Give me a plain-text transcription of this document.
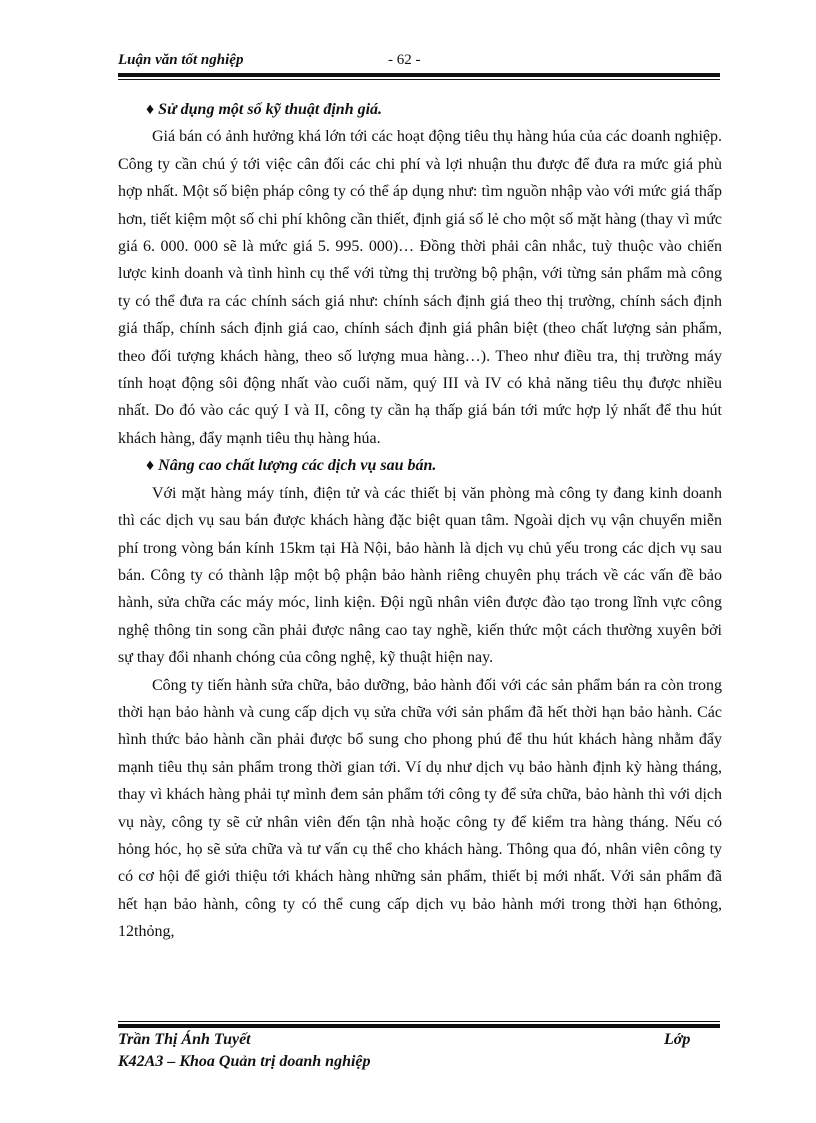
Luận văn tốt nghiệp	- 62 -

♦ Sử dụng một số kỹ thuật định giá.

Giá bán có ảnh hưởng khá lớn tới các hoạt động tiêu thụ hàng húa của các doanh nghiệp. Công ty cần chú ý tới việc cân đối các chi phí và lợi nhuận thu được để đưa ra mức giá phù hợp nhất. Một số biện pháp công ty có thể áp dụng như: tìm nguồn nhập vào với mức giá thấp hơn, tiết kiệm một số chi phí không cần thiết, định giá số lẻ cho một số mặt hàng (thay vì mức giá 6. 000. 000 sẽ là mức giá 5. 995. 000)… Đồng thời phải cân nhắc, tuỳ thuộc vào chiến lược kinh doanh và tình hình cụ thể với từng thị trường bộ phận, với từng sản phẩm mà công ty có thể đưa ra các chính sách giá như: chính sách định giá theo thị trường, chính sách định giá thấp, chính sách định giá cao, chính sách định giá phân biệt (theo chất lượng sản phẩm, theo đối tượng khách hàng, theo số lượng mua hàng…). Theo như điều tra, thị trường máy tính hoạt động sôi động nhất vào cuối năm, quý III và IV có khả năng tiêu thụ được nhiều nhất. Do đó vào các quý I và II, công ty cần hạ thấp giá bán tới mức hợp lý nhất để thu hút khách hàng, đẩy mạnh tiêu thụ hàng húa.

♦ Nâng cao chất lượng các dịch vụ sau bán.

Với mặt hàng máy tính, điện tử và các thiết bị văn phòng mà công ty đang kinh doanh thì các dịch vụ sau bán được khách hàng đặc biệt quan tâm. Ngoài dịch vụ vận chuyển miễn phí trong vòng bán kính 15km tại Hà Nội, bảo hành là dịch vụ chủ yếu trong các dịch vụ sau bán. Công ty có thành lập một bộ phận bảo hành riêng chuyên phụ trách về các vấn đề bảo hành, sửa chữa các máy móc, linh kiện. Đội ngũ nhân viên được đào tạo trong lĩnh vực công nghệ thông tin song cần phải được nâng cao tay nghề, kiến thức một cách thường xuyên bởi sự thay đổi nhanh chóng của công nghệ, kỹ thuật hiện nay.

Công ty tiến hành sửa chữa, bảo dưỡng, bảo hành đối với các sản phẩm bán ra còn trong thời hạn bảo hành và cung cấp dịch vụ sửa chữa với sản phẩm đã hết thời hạn bảo hành. Các hình thức bảo hành cần phải được bổ sung cho phong phú để thu hút khách hàng nhằm đẩy mạnh tiêu thụ sản phẩm trong thời gian tới. Ví dụ như dịch vụ bảo hành định kỳ hàng tháng, thay vì khách hàng phải tự mình đem sản phẩm tới công ty để sửa chữa, bảo hành thì với dịch vụ này, công ty sẽ cử nhân viên đến tận nhà hoặc công ty để kiểm tra hàng tháng. Nếu có hỏng hóc, họ sẽ sửa chữa và tư vấn cụ thể cho khách hàng. Thông qua đó, nhân viên công ty có cơ hội để giới thiệu tới khách hàng những sản phẩm, thiết bị mới nhất. Với sản phẩm đã hết hạn bảo hành, công ty có thể cung cấp dịch vụ bảo hành mới trong thời hạn 6thỏng, 12thỏng,

Trần Thị Ánh Tuyết	Lớp
K42A3 – Khoa Quản trị doanh nghiệp
